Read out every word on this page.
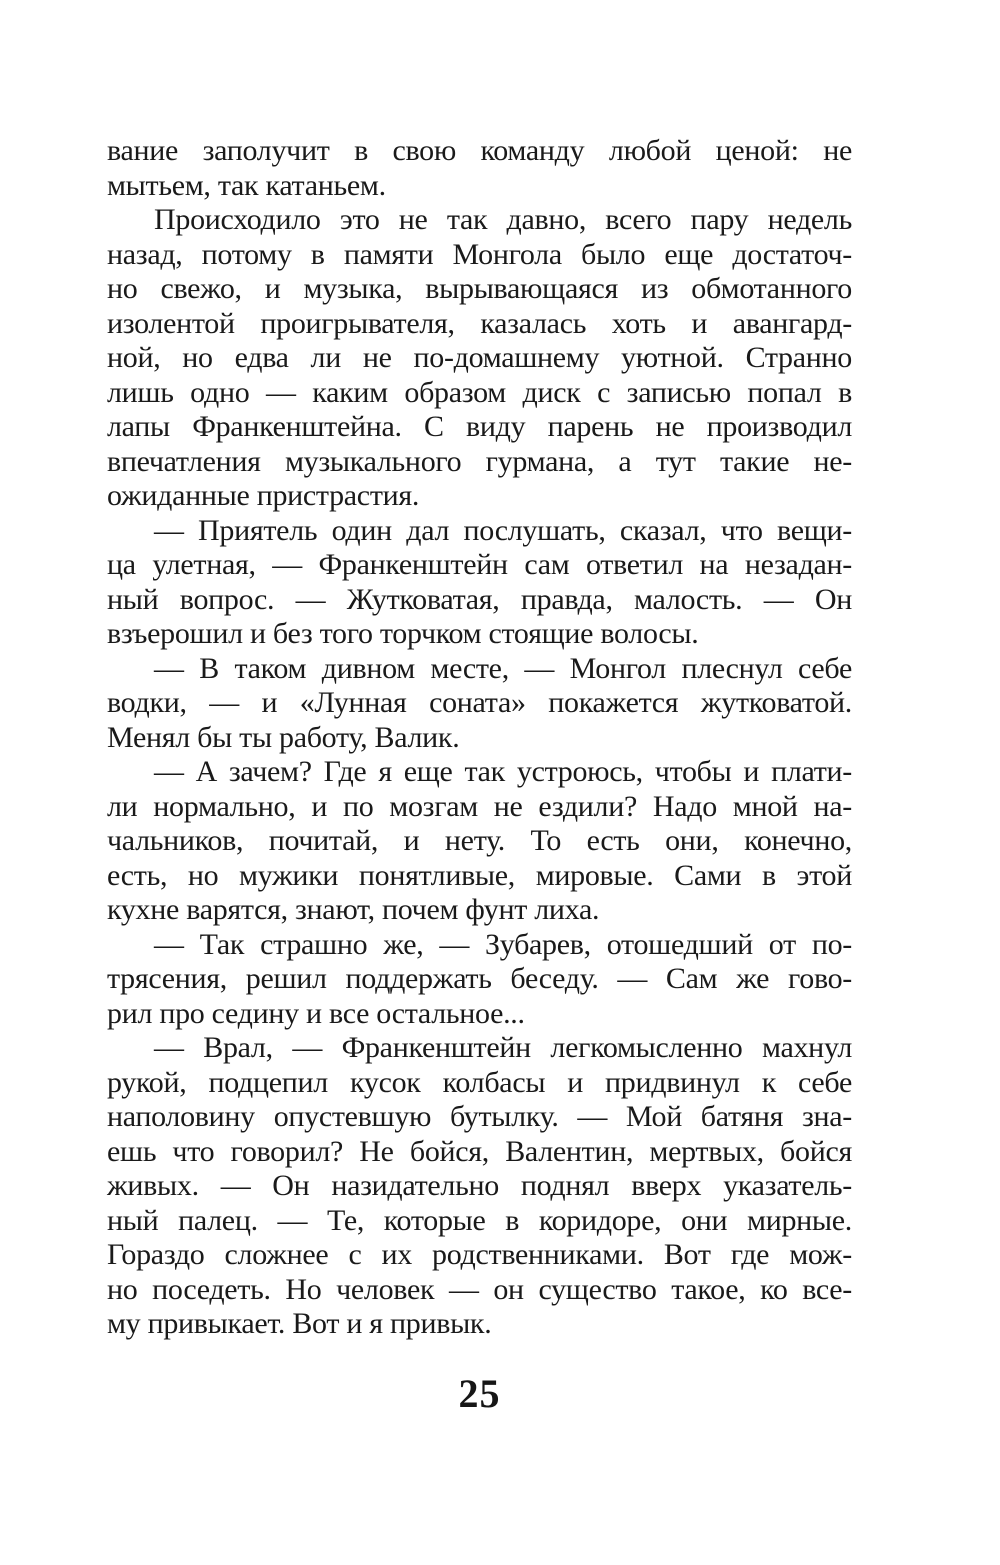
вание заполучит в свою команду любой ценой: не
мытьем, так катаньем.
Происходило это не так давно, всего пару недель
назад, потому в памяти Монгола было еще достаточ-
но свежо, и музыка, вырывающаяся из обмотанного
изолентой проигрывателя, казалась хоть и авангард-
ной, но едва ли не по-домашнему уютной. Странно
лишь одно — каким образом диск с записью попал в
лапы Франкенштейна. С виду парень не производил
впечатления музыкального гурмана, а тут такие не-
ожиданные пристрастия.
— Приятель один дал послушать, сказал, что вещи-
ца улетная, — Франкенштейн сам ответил на незадан-
ный вопрос. — Жутковатая, правда, малость. — Он
взъерошил и без того торчком стоящие волосы.
— В таком дивном месте, — Монгол плеснул себе
водки, — и «Лунная соната» покажется жутковатой.
Менял бы ты работу, Валик.
— А зачем? Где я еще так устроюсь, чтобы и плати-
ли нормально, и по мозгам не ездили? Надо мной на-
чальников, почитай, и нету. То есть они, конечно,
есть, но мужики понятливые, мировые. Сами в этой
кухне варятся, знают, почем фунт лиха.
— Так страшно же, — Зубарев, отошедший от по-
трясения, решил поддержать беседу. — Сам же гово-
рил про седину и все остальное...
— Врал, — Франкенштейн легкомысленно махнул
рукой, подцепил кусок колбасы и придвинул к себе
наполовину опустевшую бутылку. — Мой батяня зна-
ешь что говорил? Не бойся, Валентин, мертвых, бойся
живых. — Он назидательно поднял вверх указатель-
ный палец. — Те, которые в коридоре, они мирные.
Гораздо сложнее с их родственниками. Вот где мож-
но поседеть. Но человек — он существо такое, ко все-
му привыкает. Вот и я привык.
25
